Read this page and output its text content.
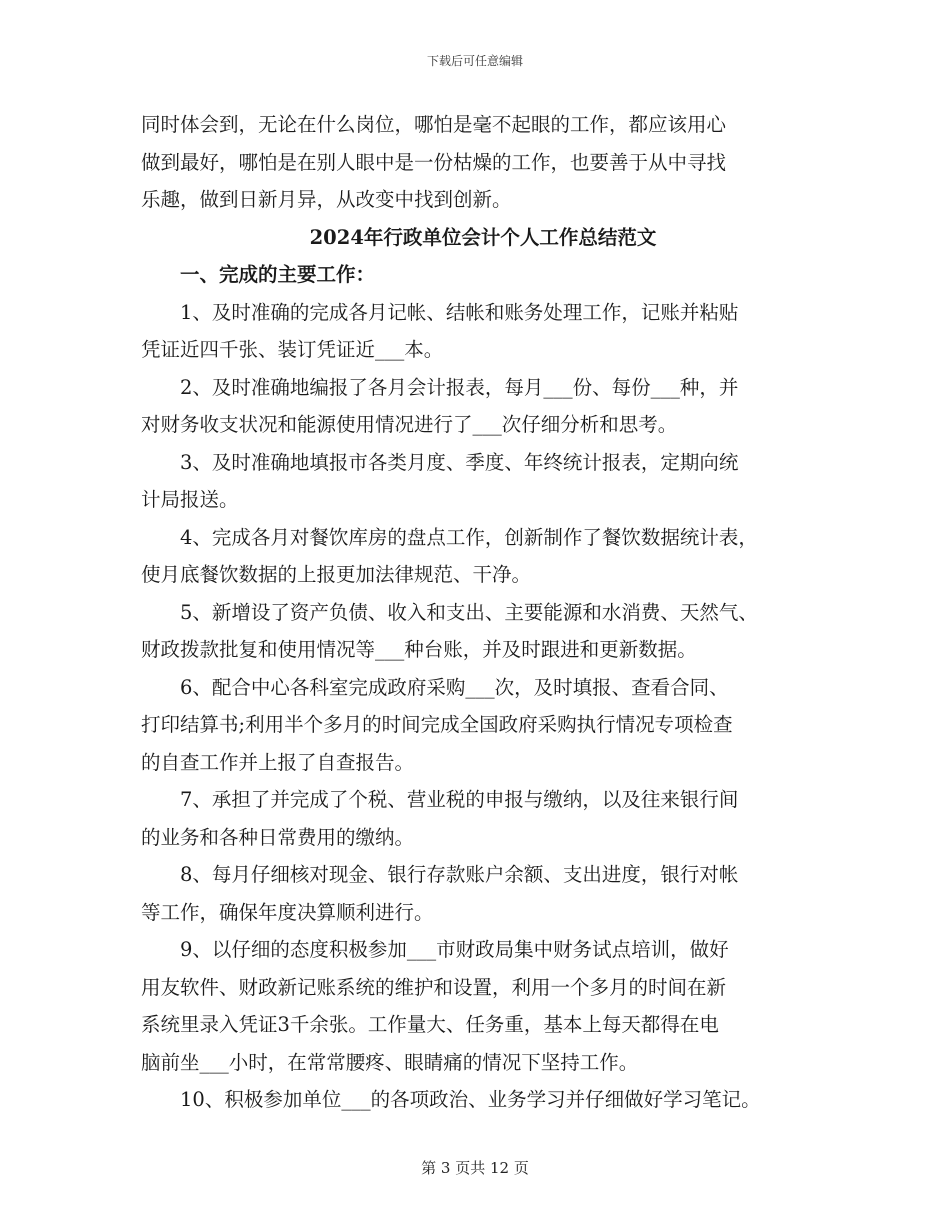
下载后可任意编辑

同时体会到，无论在什么岗位，哪怕是毫不起眼的工作，都应该用心
做到最好，哪怕是在别人眼中是一份枯燥的工作，也要善于从中寻找
乐趣，做到日新月异，从改变中找到创新。

2024年行政单位会计个人工作总结范文

一、完成的主要工作：

1、及时准确的完成各月记帐、结帐和账务处理工作，记账并粘贴
凭证近四千张、装订凭证近___本。

2、及时准确地编报了各月会计报表，每月___份、每份___种，并
对财务收支状况和能源使用情况进行了___次仔细分析和思考。

3、及时准确地填报市各类月度、季度、年终统计报表，定期向统
计局报送。

4、完成各月对餐饮库房的盘点工作，创新制作了餐饮数据统计表，
使月底餐饮数据的上报更加法律规范、干净。

5、新增设了资产负债、收入和支出、主要能源和水消费、天然气、
财政拨款批复和使用情况等___种台账，并及时跟进和更新数据。

6、配合中心各科室完成政府采购___次，及时填报、查看合同、
打印结算书;利用半个多月的时间完成全国政府采购执行情况专项检查
的自查工作并上报了自查报告。

7、承担了并完成了个税、营业税的申报与缴纳，以及往来银行间
的业务和各种日常费用的缴纳。

8、每月仔细核对现金、银行存款账户余额、支出进度，银行对帐
等工作，确保年度决算顺利进行。

9、以仔细的态度积极参加___市财政局集中财务试点培训，做好
用友软件、财政新记账系统的维护和设置，利用一个多月的时间在新
系统里录入凭证3千余张。工作量大、任务重，基本上每天都得在电
脑前坐___小时，在常常腰疼、眼睛痛的情况下坚持工作。

10、积极参加单位___的各项政治、业务学习并仔细做好学习笔记。

第 3 页共 12 页
